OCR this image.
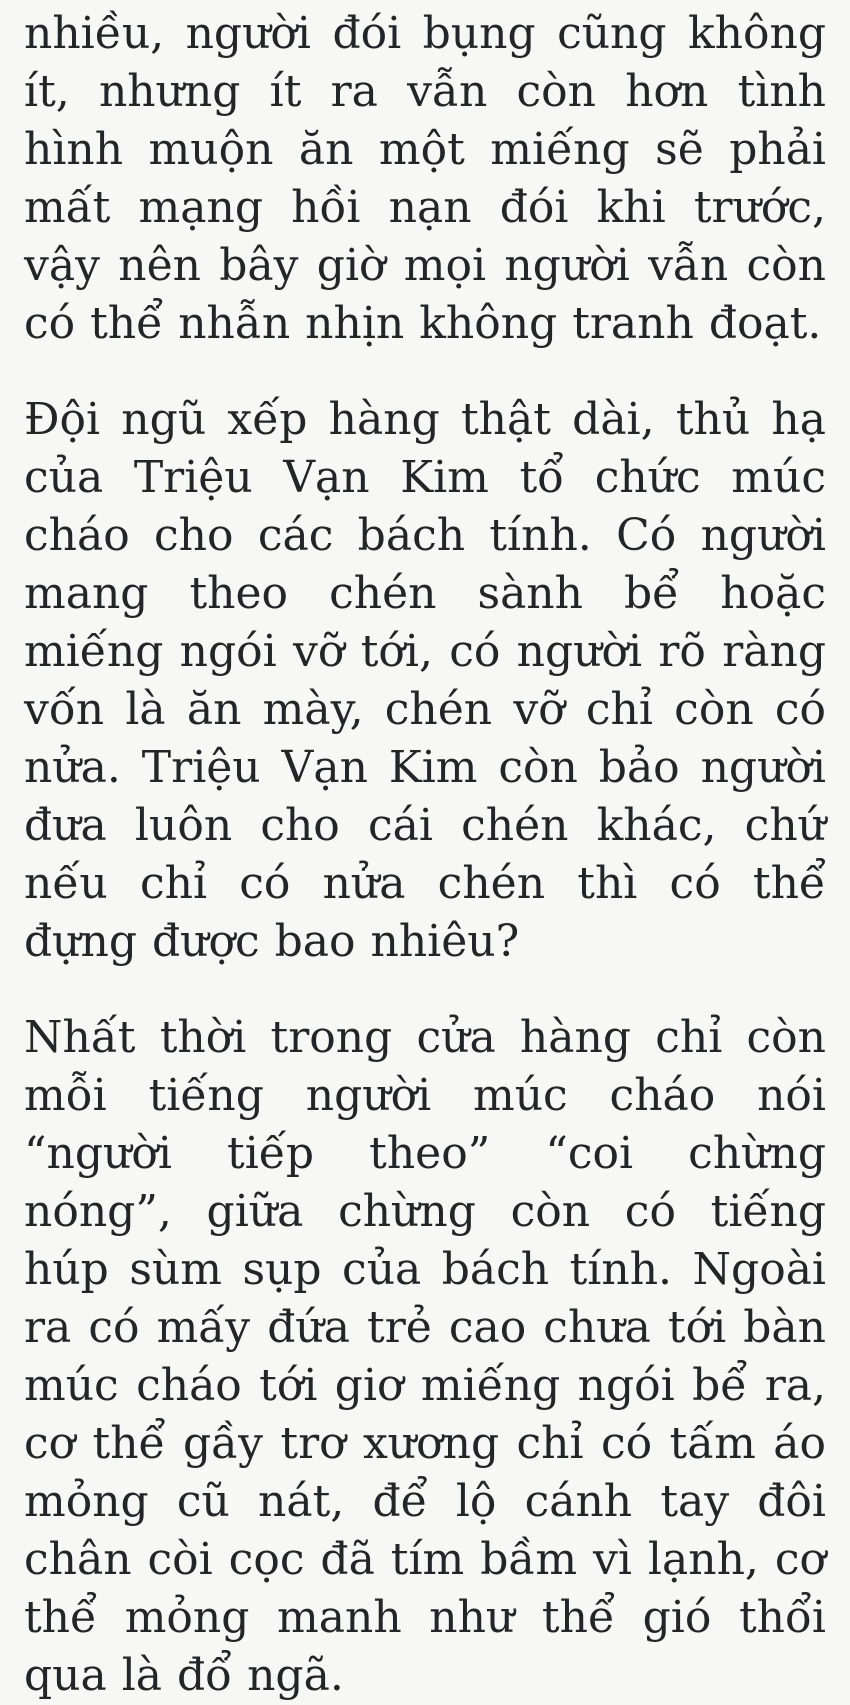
nhiều, người đói bụng cũng không ít, nhưng ít ra vẫn còn hơn tình hình muộn ăn một miếng sẽ phải mất mạng hồi nạn đói khi trước, vậy nên bây giờ mọi người vẫn còn có thể nhẫn nhịn không tranh đoạt.

Đội ngũ xếp hàng thật dài, thủ hạ của Triệu Vạn Kim tổ chức múc cháo cho các bách tính. Có người mang theo chén sành bể hoặc miếng ngói vỡ tới, có người rõ ràng vốn là ăn mày, chén vỡ chỉ còn có nửa. Triệu Vạn Kim còn bảo người đưa luôn cho cái chén khác, chứ nếu chỉ có nửa chén thì có thể đựng được bao nhiêu?

Nhất thời trong cửa hàng chỉ còn mỗi tiếng người múc cháo nói “người tiếp theo” “coi chừng nóng”, giữa chừng còn có tiếng húp sùm sụp của bách tính. Ngoài ra có mấy đứa trẻ cao chưa tới bàn múc cháo tới giơ miếng ngói bể ra, cơ thể gầy trơ xương chỉ có tấm áo mỏng cũ nát, để lộ cánh tay đôi chân còi cọc đã tím bầm vì lạnh, cơ thể mỏng manh như thể gió thổi qua là đổ ngã.
